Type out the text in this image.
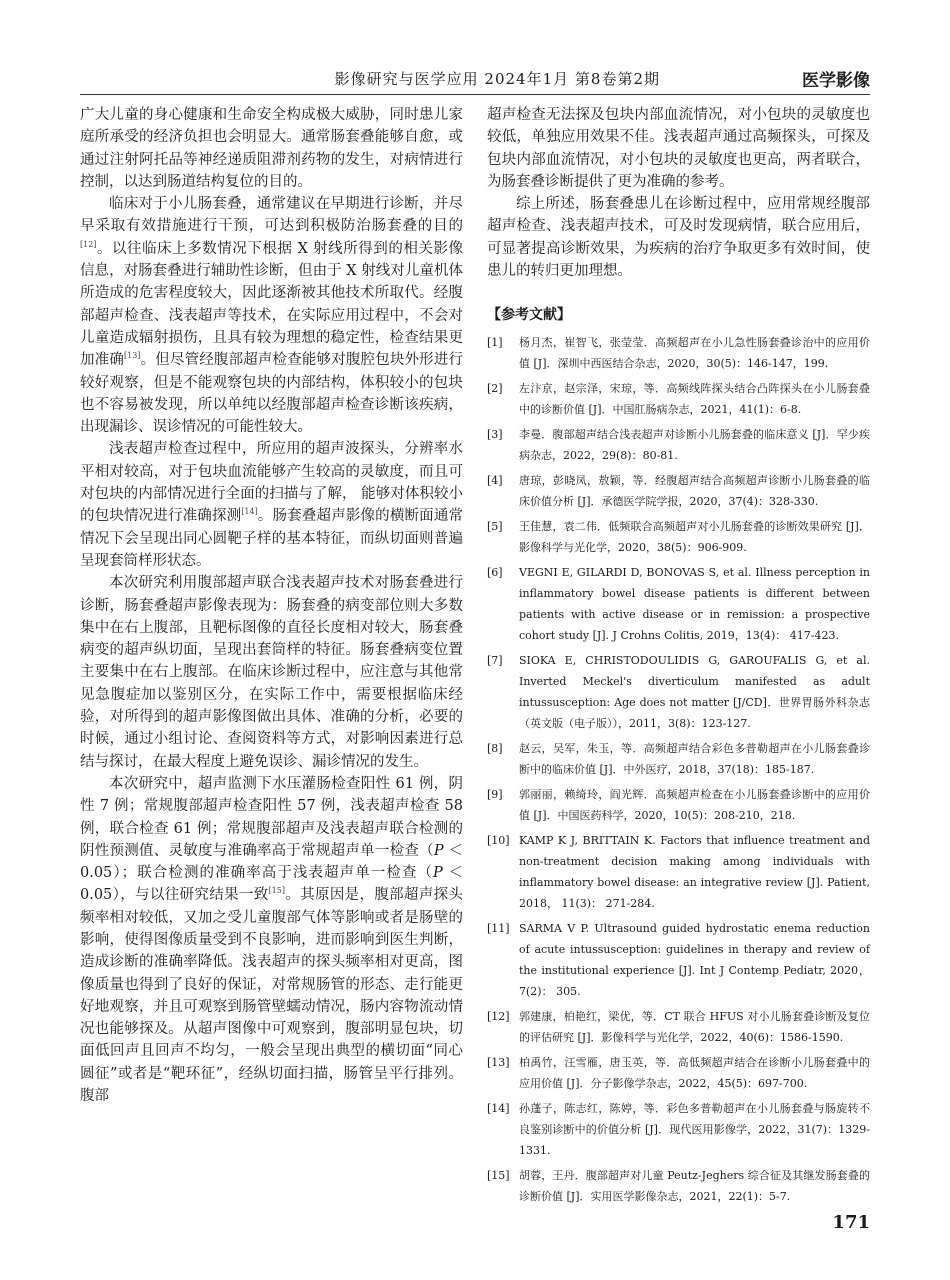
影像研究与医学应用 2024年1月 第8卷第2期	医学影像

广大儿童的身心健康和生命安全构成极大威胁，同时患儿家庭所承受的经济负担也会明显大。通常肠套叠能够自愈，或通过注射阿托品等神经递质阻滞剂药物的发生，对病情进行控制，以达到肠道结构复位的目的。

临床对于小儿肠套叠，通常建议在早期进行诊断，并尽早采取有效措施进行干预，可达到积极防治肠套叠的目的[12]。以往临床上多数情况下根据 X 射线所得到的相关影像信息，对肠套叠进行辅助性诊断，但由于 X 射线对儿童机体所造成的危害程度较大，因此逐渐被其他技术所取代。经腹部超声检查、浅表超声等技术，在实际应用过程中，不会对儿童造成辐射损伤，且具有较为理想的稳定性，检查结果更加准确[13]。但尽管经腹部超声检查能够对腹腔包块外形进行较好观察，但是不能观察包块的内部结构，体积较小的包块也不容易被发现，所以单纯以经腹部超声检查诊断该疾病，出现漏诊、误诊情况的可能性较大。

浅表超声检查过程中，所应用的超声波探头，分辨率水平相对较高，对于包块血流能够产生较高的灵敏度，而且可对包块的内部情况进行全面的扫描与了解， 能够对体积较小的包块情况进行准确探测[14]。肠套叠超声影像的横断面通常情况下会呈现出同心圆靶子样的基本特征，而纵切面则普遍呈现套筒样形状态。

本次研究利用腹部超声联合浅表超声技术对肠套叠进行诊断，肠套叠超声影像表现为：肠套叠的病变部位则大多数集中在右上腹部，且靶标图像的直径长度相对较大，肠套叠病变的超声纵切面，呈现出套筒样的特征。肠套叠病变位置主要集中在右上腹部。在临床诊断过程中，应注意与其他常见急腹症加以鉴别区分，在实际工作中，需要根据临床经验，对所得到的超声影像图做出具体、准确的分析，必要的时候，通过小组讨论、查阅资料等方式，对影响因素进行总结与探讨，在最大程度上避免误诊、漏诊情况的发生。

本次研究中，超声监测下水压灌肠检查阳性 61 例，阴性 7 例；常规腹部超声检查阳性 57 例，浅表超声检查 58 例，联合检查 61 例；常规腹部超声及浅表超声联合检测的阴性预测值、灵敏度与准确率高于常规超声单一检查（P ＜ 0.05）；联合检测的准确率高于浅表超声单一检查（P ＜ 0.05），与以往研究结果一致[15]。其原因是，腹部超声探头频率相对较低，又加之受儿童腹部气体等影响或者是肠壁的影响，使得图像质量受到不良影响，进而影响到医生判断，造成诊断的准确率降低。浅表超声的探头频率相对更高，图像质量也得到了良好的保证，对常规肠管的形态、走行能更好地观察，并且可观察到肠管壁蠕动情况，肠内容物流动情况也能够探及。从超声图像中可观察到，腹部明显包块，切面低回声且回声不均匀，一般会呈现出典型的横切面“同心圆征”或者是“靶环征”，经纵切面扫描，肠管呈平行排列。腹部

超声检查无法探及包块内部血流情况，对小包块的灵敏度也较低，单独应用效果不佳。浅表超声通过高频探头，可探及包块内部血流情况，对小包块的灵敏度也更高，两者联合，为肠套叠诊断提供了更为准确的参考。

综上所述，肠套叠患儿在诊断过程中，应用常规经腹部超声检查、浅表超声技术，可及时发现病情，联合应用后，可显著提高诊断效果，为疾病的治疗争取更多有效时间，使患儿的转归更加理想。

【参考文献】

[1] 杨月杰，崔智飞，张莹莹．高频超声在小儿急性肠套叠诊治中的应用价值 [J]．深圳中西医结合杂志，2020，30(5)：146-147，199.

[2] 左汴京，赵宗泽，宋琼，等．高频线阵探头结合凸阵探头在小儿肠套叠中的诊断价值 [J]．中国肛肠病杂志，2021，41(1)：6-8.

[3] 李曼．腹部超声结合浅表超声对诊断小儿肠套叠的临床意义 [J]．罕少疾病杂志，2022，29(8)：80-81.

[4] 唐琼，彭晓凤，敖颖，等．经腹超声结合高频超声诊断小儿肠套叠的临床价值分析 [J]．承德医学院学报，2020，37(4)：328-330.

[5] 王佳慧，袁二伟．低频联合高频超声对小儿肠套叠的诊断效果研究 [J]．影像科学与光化学，2020，38(5)：906-909.

[6] VEGNI E, GILARDI D, BONOVAS S, et al. Illness perception in inflammatory bowel disease patients is different between patients with active disease or in remission: a prospective cohort study [J]. J Crohns Colitis, 2019，13(4)： 417-423.

[7] SIOKA E, CHRISTODOULIDIS G, GAROUFALIS G, et al. Inverted Meckel's diverticulum manifested as adult intussusception: Age does not matter [J/CD]．世界胃肠外科杂志（英文版（电子版）），2011，3(8)：123-127.

[8] 赵云，吴军，朱玉，等．高频超声结合彩色多普勒超声在小儿肠套叠诊断中的临床价值 [J]．中外医疗，2018，37(18)：185-187.

[9] 郭丽丽，赖绮玲，阎光辉．高频超声检查在小儿肠套叠诊断中的应用价值 [J]．中国医药科学，2020，10(5)：208-210，218.

[10] KAMP K J, BRITTAIN K. Factors that influence treatment and non-treatment decision making among individuals with inflammatory bowel disease: an integrative review [J]. Patient, 2018， 11(3)： 271-284.

[11] SARMA V P. Ultrasound guided hydrostatic enema reduction of acute intussusception: guidelines in therapy and review of the institutional experience [J]. Int J Contemp Pediatr, 2020，7(2)： 305.

[12] 郭建康，柏艳红，梁优，等．CT 联合 HFUS 对小儿肠套叠诊断及复位的评估研究 [J]．影像科学与光化学，2022，40(6)：1586-1590.

[13] 柏禹竹，汪雪雁，唐玉英，等．高低频超声结合在诊断小儿肠套叠中的应用价值 [J]．分子影像学杂志，2022，45(5)：697-700.

[14] 孙蓬子，陈志红，陈婷，等．彩色多普勒超声在小儿肠套叠与肠旋转不良鉴别诊断中的价值分析 [J]．现代医用影像学，2022，31(7)：1329-1331.

[15] 胡蓉，王丹．腹部超声对儿童 Peutz-Jeghers 综合征及其继发肠套叠的诊断价值 [J]．实用医学影像杂志，2021，22(1)：5-7.

171
